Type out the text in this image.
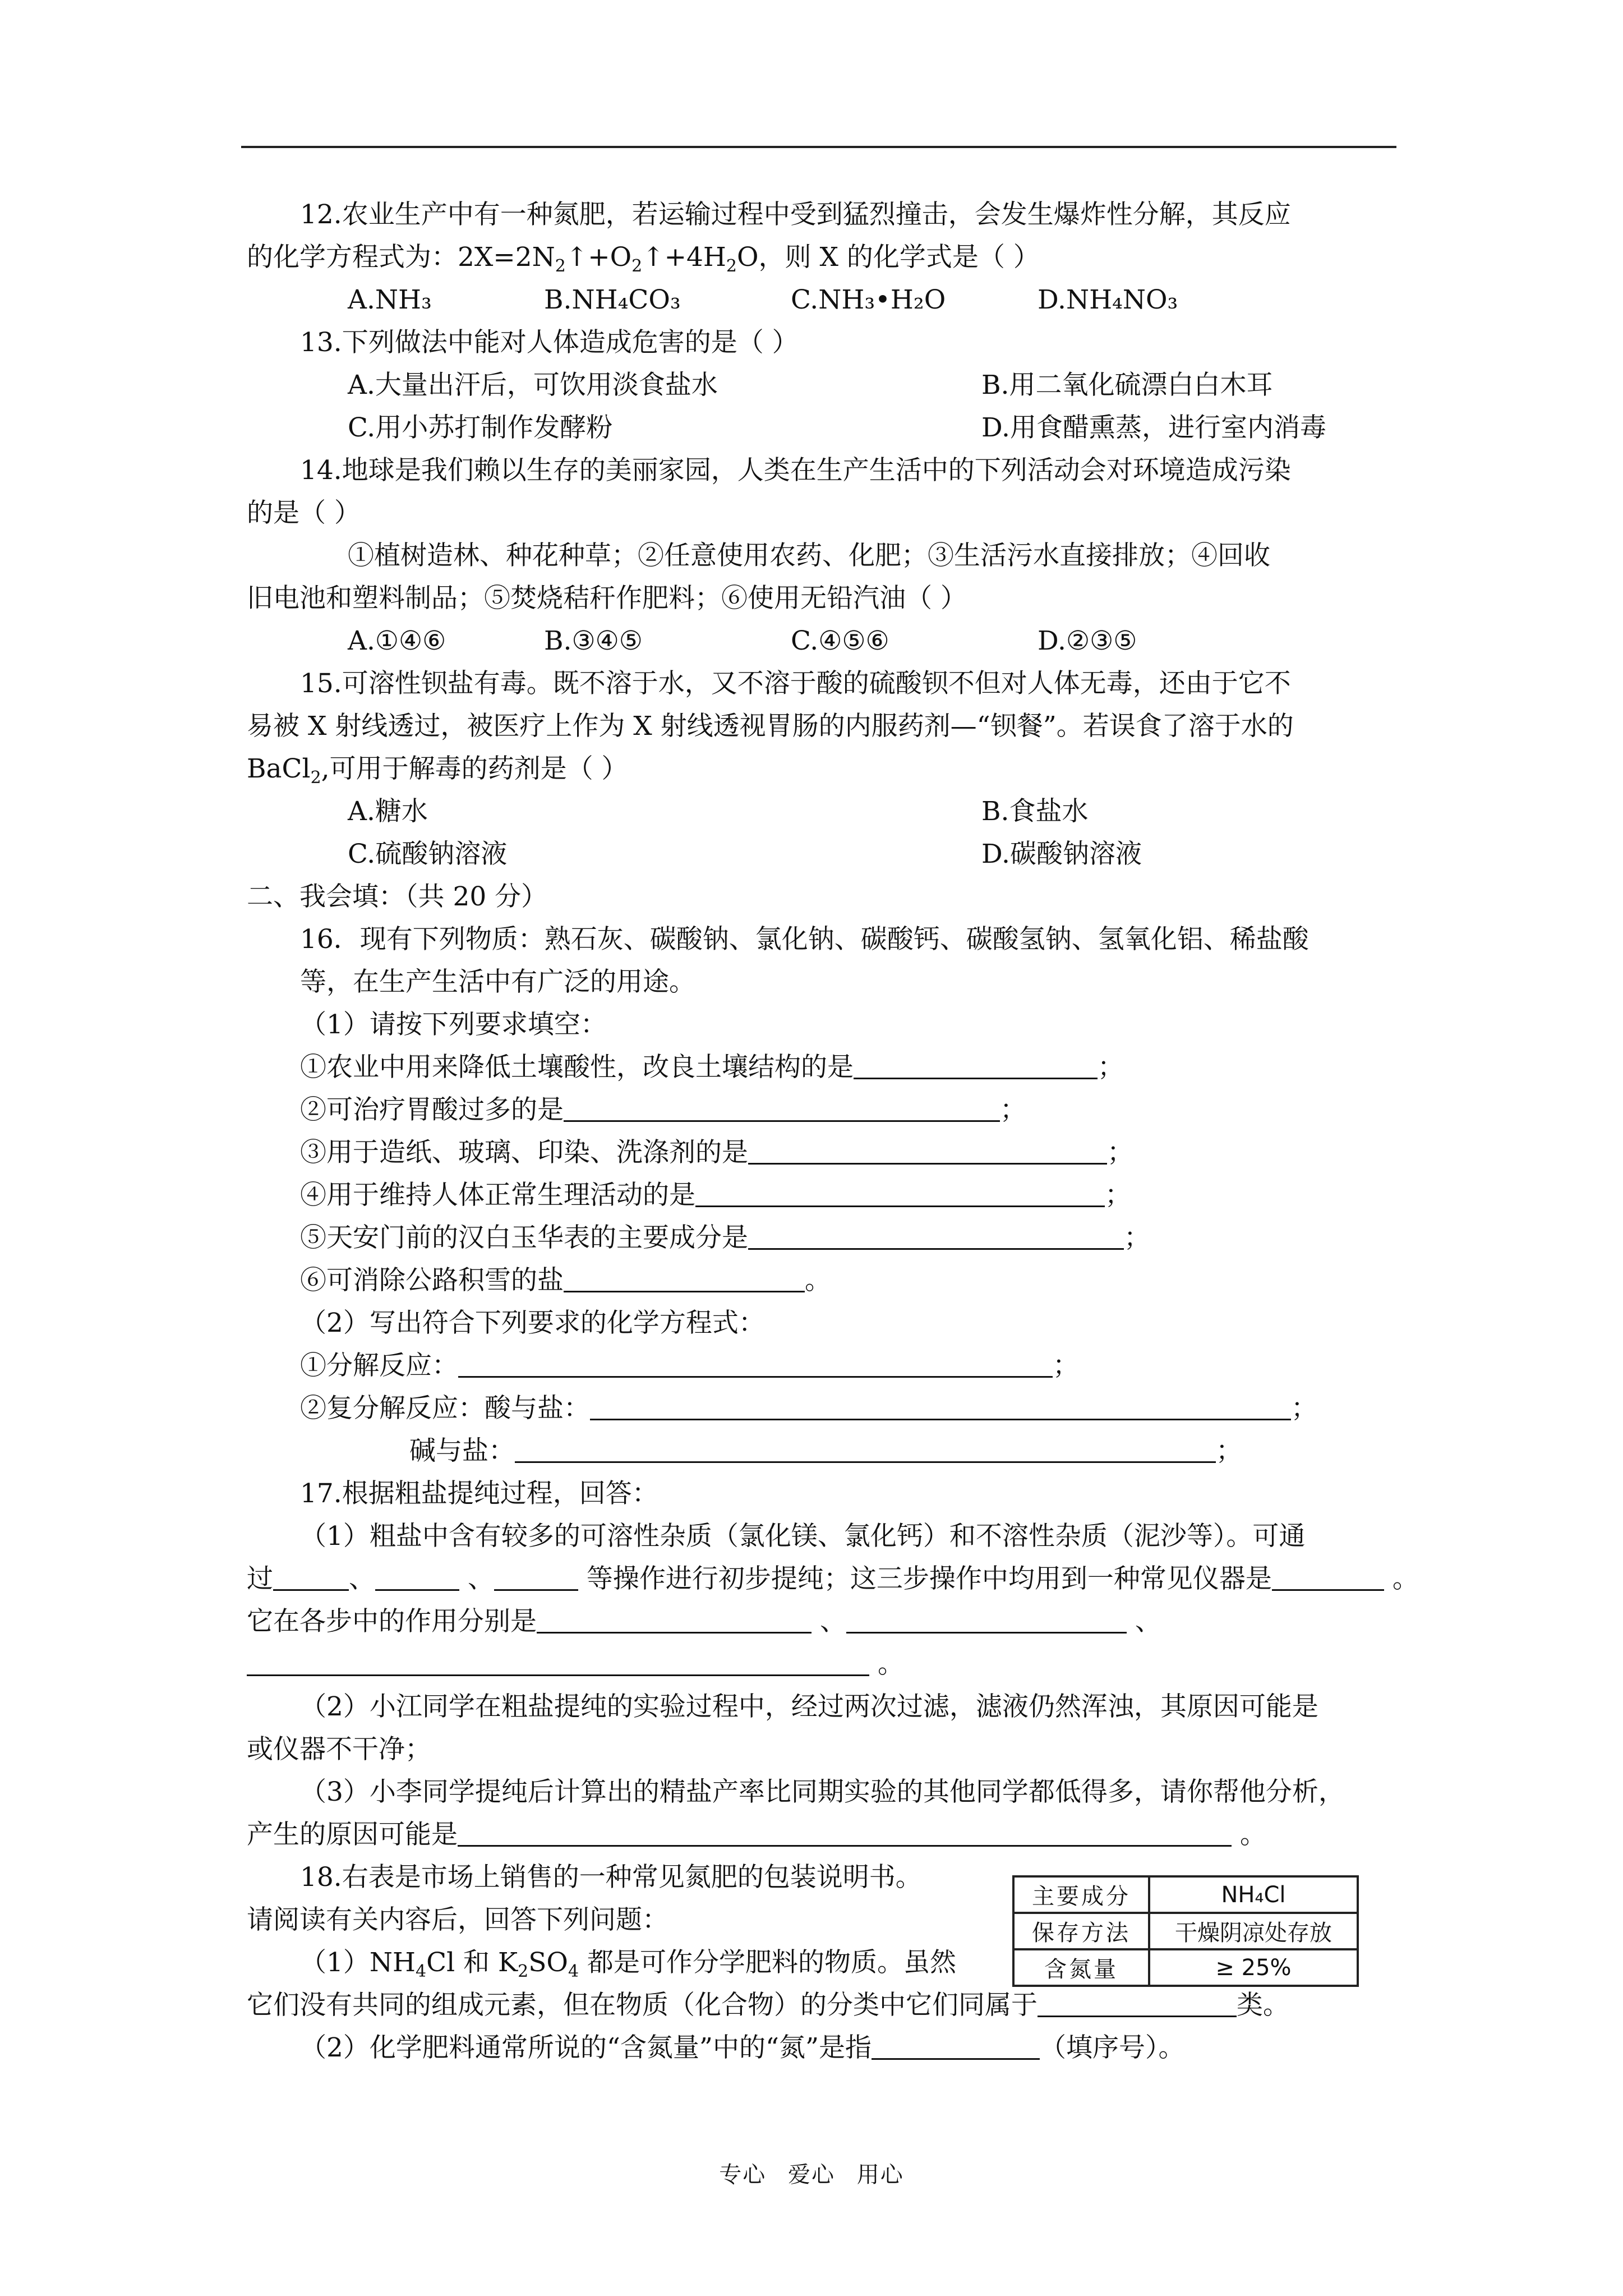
12.农业生产中有一种氮肥，若运输过程中受到猛烈撞击，会发生爆炸性分解，其反应
的化学方程式为：$2X=2N_2↑+O_2↑+4H_2O$，则 X 的化学式是（ ）
A.NH₃	B.NH₄CO₃	C.NH₃•H₂O	D.NH₄NO₃
13.下列做法中能对人体造成危害的是（ ）
A.大量出汗后，可饮用淡食盐水	B.用二氧化硫漂白白木耳
C.用小苏打制作发酵粉	D.用食醋熏蒸，进行室内消毒
14.地球是我们赖以生存的美丽家园，人类在生产生活中的下列活动会对环境造成污染
的是（ ）
①植树造林、种花种草；②任意使用农药、化肥；③生活污水直接排放；④回收
旧电池和塑料制品；⑤焚烧秸秆作肥料；⑥使用无铅汽油（ ）
A.①④⑥	B.③④⑤	C.④⑤⑥	D.②③⑤
15.可溶性钡盐有毒。既不溶于水，又不溶于酸的硫酸钡不但对人体无毒，还由于它不
易被 X 射线透过，被医疗上作为 X 射线透视胃肠的内服药剂—“钡餐”。若误食了溶于水的
BaCl$_2$,可用于解毒的药剂是（ ）
A.糖水	B.食盐水
C.硫酸钠溶液	D.碳酸钠溶液
二、我会填：（共 20 分）
16．现有下列物质：熟石灰、碳酸钠、氯化钠、碳酸钙、碳酸氢钠、氢氧化铝、稀盐酸
等，在生产生活中有广泛的用途。
（1）请按下列要求填空：
①农业中用来降低土壤酸性，改良土壤结构的是	；
②可治疗胃酸过多的是	；
③用于造纸、玻璃、印染、洗涤剂的是	；
④用于维持人体正常生理活动的是	；
⑤天安门前的汉白玉华表的主要成分是	；
⑥可消除公路积雪的盐	。
（2）写出符合下列要求的化学方程式：
①分解反应：	；
②复分解反应：酸与盐：	；
碱与盐：	；
17.根据粗盐提纯过程，回答：
（1）粗盐中含有较多的可溶性杂质（氯化镁、氯化钙）和不溶性杂质（泥沙等）。可通
过	、	、	等操作进行初步提纯；这三步操作中均用到一种常见仪器是	。
它在各步中的作用分别是	、	、
。
（2）小江同学在粗盐提纯的实验过程中，经过两次过滤，滤液仍然浑浊，其原因可能是
或仪器不干净；
（3）小李同学提纯后计算出的精盐产率比同期实验的其他同学都低得多，请你帮他分析，
产生的原因可能是	。
18.右表是市场上销售的一种常见氮肥的包装说明书。
请阅读有关内容后，回答下列问题：
$(1)NH_4Cl$ 和 $K_2SO_4$ 都是可作分学肥料的物质。虽然
它们没有共同的组成元素，但在物质（化合物）的分类中它们同属于	类。
（2）化学肥料通常所说的“含氮量”中的“氮”是指	（填序号）。
主要成分	NH₄Cl
保存方法	干燥阴凉处存放
含氮量	≥ 25%
专心 爱心 用心
